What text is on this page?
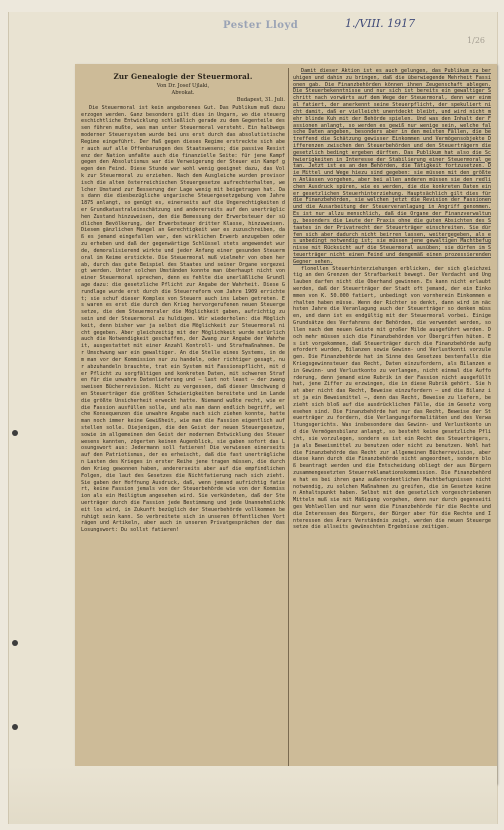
Pester Lloyd	1./VIII. 1917
1/26
Zur Genealogie der Steuermoral.
Von Dr. Josef Ujlaki,
Abvokat.
Budapest, 31. Juli.

Die Steuermoral ist kein angeborenes Gut. Das Publikum muß dazu erzogen werden. Ganz besonders gilt dies in Ungarn, wo die steuergeschichtliche Entwicklung schließlich gerade zu dem Gegenteile dessen führen mußte, was man unter Steuermoral versteht. Ein halbwegs moderner Steuersystem wurde bei uns erst durch das absolutistische Regime eingeführt. Der Haß gegen dieses Regime erstreckte sich aber auch auf alle Offenbarungen des Staatswesens; die passive Resistenz der Nation umfaßte auch die finanzielle Seite: für jene Kampf gegen den Absolutismus war die Verweigerung der Steuer ein Kampf gegen den Feind. Diese Stunde war wohl wenig geeignet dazu, das Volk zur Steuermoral zu erziehen. Nach dem Ausgleiche wurden provisorisch die alten österreichischen Steuergesetze aufrechterhalten, welcher Umstand zur Besserung der Lage wenig mit beigetragen hat. Das dann die diesbezügliche ungarische Steuergesetzgebung vom Jahre 1875 anlangt, so genügt es, einerseits auf die Ungerechtigkeiten der Grundkatastraleinschätzung und andererseits auf den unerträglichen Zustand hinzuweisen, den die Bemessung der Erwerbsteuer der südlichen Bevölkerung, der Erwerbsteuer dritter Klasse, hinzuweisen. Diesem gänzlichen Mangel an Gerechtigkeit war es zuzuschreiben, daß es jemand eingefallen war, den wirklichen Erwerb anzugeben oder zu erheben und daß der gegenwärtige Schlüssel stets angewendet wurde, demoralisierend wirkte und jeder Anfang einer gesunden Steuermoral im Keime erstickte. Die Steuermoral muß vielmehr von oben herab, durch das gute Beispiel des Staates und seiner Organe vorgezeigt werden. Unter solchen Umständen konnte man überhaupt nicht von einer Steuermoral sprechen, denn es fehlte die unerläßliche Grundlage dazu: die gesetzliche Pflicht zur Angabe der Wahrheit. Diese Grundlage wurde erst durch die Steuerreform vom Jahre 1909 errichtet; sie schuf dieser Komplex von Steuern auch ins Leben getreten. Es waren es erst die durch den Krieg hervorgerufenen neuen Steuergesetze, die dem Steuermoraler die Möglichkeit gaben, aufrichtig zu sein und der Steuermoral zu huldigen. Wir wiederholen: die Möglichkeit, denn bisher war ja selbst die Möglichkeit zur Steuermoral nicht gegeben. Aber gleichzeitig mit der Möglichkeit wurde natürlich auch die Notwendigkeit geschaffen, der Zwang zur Angabe der Wahrheit, ausgestattet mit einer Anzahl Kontroll- und Strafmaßnahmen. Der Umschwung war ein gewaltiger. An die Stelle eines Systems, in dem man vor der Kommission nur zu handeln, oder richtiger gesagt, nur abzuhandeln brauchte, trat ein System mit Fassionspflicht, mit der Pflicht zu sorgfältigen und konkreten Daten, mit schweren Strafen für die unwahre Datenlieferung und — last not least — der zwangsweisen Bücherrevision. Nicht zu vergessen, daß dieser Umschwung den Steuerträger die größten Schwierigkeiten bereitete und im Lande die größte Unsicherheit erweckt hatte. Niemand wußte recht, wie er die Fassion ausfüllen solle, und als man dann endlich begriff, welche Konsequenzen die unwahre Angabe nach sich ziehen konnte, hatte man noch immer keine Gewißheit, wie man die Fassion eigentlich aufstellen solle. Diejenigen, die den Geist der neuen Steuergesetze, sowie im allgemeinen den Geist der modernen Entwicklung des Steuerwesens kannten, zögerten keinen Augenblick, sie gaben sofort das Losungswort aus: Jedermann soll fatieren! Die verwiesen einerseits auf den Patriotismus, der es erheischt, daß die fast unerträglichen Lasten des Krieges in erster Reihe jene tragen müssen, die durch den Krieg gewonnen haben, andererseits aber auf die empfindlichen Folgen, die laut des Gesetzes die Nichtfatierung nach sich zieht. Sie gaben der Hoffnung Ausdruck, daß, wenn jemand aufrichtig fatiert, keine Fassion jemals von der Steuerbehörde wie von der Kommission als ein Heiligtum angesehen wird. Sie verkündeten, daß der Steuerträger durch die Fassion jede Bestimmung und jede Unannehmlichkeit los wird, in Zukunft bezüglich der Steuerbehörde vollkommen beruhigt sein kann. So verbreitete sich in unseren öffentlichen Vorträgen und Artikeln, aber auch in unseren Privatgesprächen der das Losungswort: Du sollst fatieren!

Damit dieser Aktion ist es auch gelungen, das Publikum zu beruhigen und dahin zu bringen, daß die überwiegende Mehrheit Fassionen gab. Die Finanzbehörden können ihnen Zeugenschaft ablegen. Die Steuerbekenntnisse und nur sich ist bereits ein gewaltiger Schritt nach vorwärts auf dem Wege der Steuermoral, denn wer einmal fatiert, der anerkennt seine Steuerpflicht, der spekuliert nicht damit, daß er vielleicht unentdeckt bleibt, und wird nicht mehr blinde Kuh mit der Behörde spielen. Und was den Inhalt der Fassionen anlangt, so werden es gewiß nur wenige sein, welche falsche Daten angeben, besonders aber in den meisten Fällen, die betreffend die Schätzung gewisser Einkommen und Vermögensobjekte Differenzen zwischen den Steuerbehörden und den Steuerträgern die gesetzlich bedingt ergeben dürften. Das Publikum hat also die Schwierigkeiten in Interesse der Stabilierung einer Steuermoral getan. Jetzt ist es an den Behörden, die Tätigkeit fortzusetzen. Die Mittel und Wege hiezu sind gegeben: sie müssen mit den größten Anlässen vorgehen, aber bei allen anderen müssen sie den redlichen Ausdruck spüren, wie es werden, die die konkreten Daten einer gesetzlichen Steuerhinterziehung. Hauptsächlich gilt dies für die Finanzbehörden, sie welchen jetzt die Revision der Fassionen und die Ausarbeitung der Steuerveranlagung in Angriff genommen. Es ist nur allzu menschlich, daß die Organe der Finanzverwaltung, besonders die Leute der Praxis ohne die guten Absichten des Staates in der Privatrecht der Steuerträger einschreiten. Sie dürfen sich aber dadurch nicht beirren lassen, weitergegeben, als es unbedingt notwendig ist; sie müssen jene gewaltigen Machtbefugnisse mit Rücksicht auf die Steuermoral ausüben; sie dürfen im Steuerträger nicht einen Feind und demgemäß einen prozessierenden Gegner sehen.

flonellen Steuerhinterziehungen erblicken, der sich gleichzeitig an den Grenzen der Strafbarkeit bewegt. Der Verdacht und Unglauben darfen nicht die Oberhand gewinnen. Es kann nicht erlaubt werden, daß der Steuerträger der Stadt oft jemand, der ein Einkommen von K. 50.000 fatiert, unbedingt von vornherein Einkommen erhalten haben müsse. Wenn der Richter so denkt, dann wird im nächsten Jahre die Veranlagung auch der Steuerträger so denken müssen, und dann ist es endgültig mit der Steuermoral vorbei. Einige Grundsätze des Verfahrens der Behörden, die verwendet werden, sollen nach dem neuen Geiste mit großer Milde ausgeführt werden. Doch mehr müssen sich die Finanzbehörden vor Übergriffen hüten. Es ist vorgekommen, daß Steuerträger durch die Finanzbehörde aufgefordert wurden, Bilanzen sowie Gewinn- und Verlustkonti vorzulegen. Die Finanzbehörde hat im Sinne des Gesetzes bestenfalls die Kriegsgewinnsteuer das Recht, Daten einzufordern, als Bilanzen ein Gewinn- und Verlustkonto zu verlangen, nicht einmal die Aufforderung, denn jemand eine Rubrik in der Fassion nicht ausgefüllt hat, jene Ziffer zu erzwingen, die in diese Rubrik gehört. Sie hat aber nicht das Recht, Beweise einzufordern — und die Bilanz ist ja ein Beweismittel —, denn das Recht, Beweise zu liefern, bezieht sich bloß auf die ausdrücklichen Fälle, die im Gesetz vorgesehen sind. Die Finanzbehörde hat nur das Recht, Beweise der Steuerträger zu fordern, die Verlangungsformalitäten und des Verwaltungsgerichts. Was insbesondere das Gewinn- und Verlustkonto und die Vermögensbilanz anlangt, so besteht keine gesetzliche Pflicht, sie vorzulegen, sondern es ist ein Recht des Steuerträgers, ja als Beweismittel zu benutzen oder nicht zu benutzen. Wohl hat die Finanzbehörde das Recht zur allgemeinen Bücherrevision, aber diese kann durch die Finanzbehörde nicht angeordnet, sondern bloß beantragt werden und die Entscheidung obliegt der aus Bürgern zusammengesetzten Steuerreklamationskommission. Die Finanzbehörde hat es bei ihren ganz außerordentlichen Machtbefugnissen nicht notwendig, zu solchen Maßnahmen zu greifen, die im Gesetze keinen Anhaltspunkt haben. Selbst mit den gesetzlich vorgeschriebenen Mitteln muß sie mit Mäßigung vorgehen, denn nur durch gegenseitiges Wohlwollen und nur wenn die Finanzbehörde für die Rechte und die Interessen des Bürgers, der Bürger aber für die Rechte und Interessen des Ärars Verständnis zeigt, werden die neuen Steuergesetze die allseits gewünschten Ergebnisse zeitigen.
